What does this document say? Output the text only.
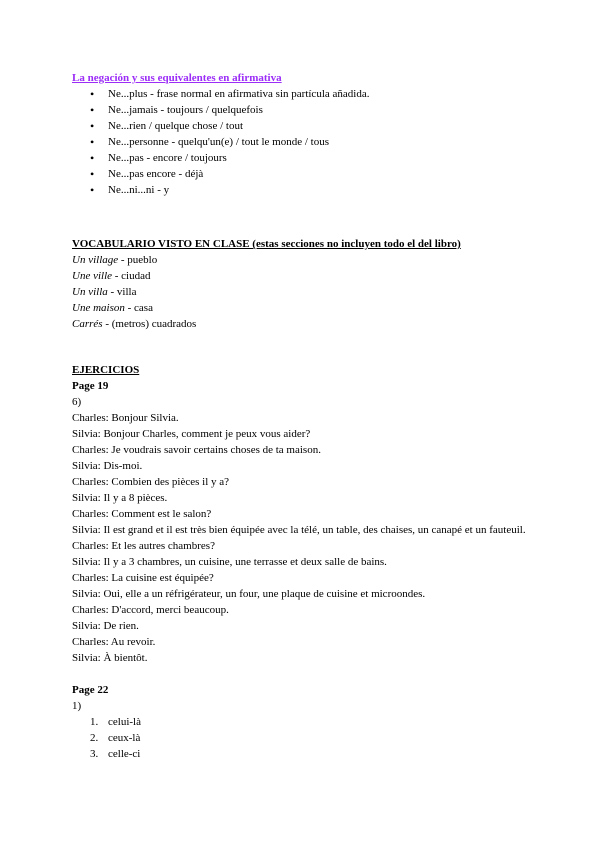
La negación y sus equivalentes en afirmativa

• Ne...plus - frase normal en afirmativa sin partícula añadida.
• Ne...jamais - toujours / quelquefois
• Ne...rien / quelque chose / tout
• Ne...personne - quelqu'un(e) / tout le monde / tous
• Ne...pas - encore / toujours
• Ne...pas encore - déjà
• Ne...ni...ni - y

VOCABULARIO VISTO EN CLASE (estas secciones no incluyen todo el del libro)

Un village - pueblo

Une ville - ciudad

Un villa - villa

Une maison - casa

Carrés - (metros) cuadrados

EJERCICIOS

Page 19

6)

Charles: Bonjour Silvia.

Silvia: Bonjour Charles, comment je peux vous aider?

Charles: Je voudrais savoir certains choses de ta maison.

Silvia: Dis-moi.

Charles: Combien des pièces il y a?

Silvia: Il y a 8 pièces.

Charles: Comment est le salon?

Silvia: Il est grand et il est très bien équipée avec la télé, un table, des chaises, un canapé et un fauteuil.

Charles: Et les autres chambres?

Silvia: Il y a 3 chambres, un cuisine, une terrasse et deux salle de bains.

Charles: La cuisine est équipée?

Silvia: Oui, elle a un réfrigérateur, un four, une plaque de cuisine et microondes.

Charles: D'accord, merci beaucoup.

Silvia: De rien.

Charles: Au revoir.

Silvia: À bientôt.

Page 22

1)

1. celui-là
2. ceux-là
3. celle-ci
